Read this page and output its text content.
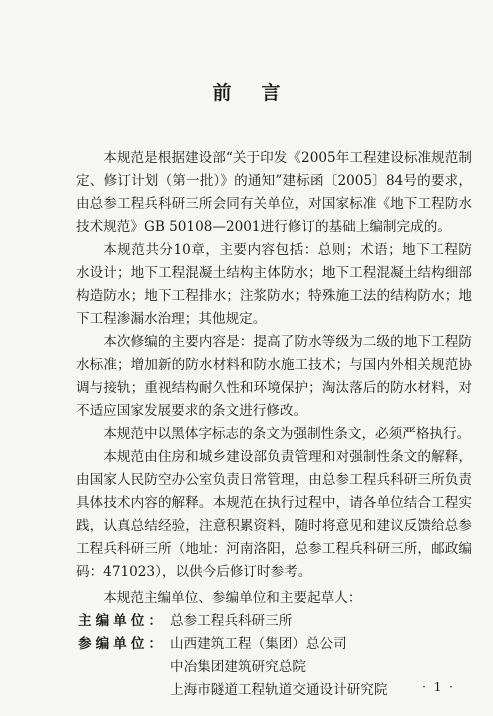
前言

本规范是根据建设部“关于印发《2005年工程建设标准规范制定、修订计划（第一批）》的通知”建标函〔2005〕84号的要求，由总参工程兵科研三所会同有关单位，对国家标准《地下工程防水技术规范》GB 50108—2001进行修订的基础上编制完成的。

本规范共分10章，主要内容包括：总则；术语；地下工程防水设计；地下工程混凝土结构主体防水；地下工程混凝土结构细部构造防水；地下工程排水；注浆防水；特殊施工法的结构防水；地下工程渗漏水治理；其他规定。

本次修编的主要内容是：提高了防水等级为二级的地下工程防水标准；增加新的防水材料和防水施工技术；与国内外相关规范协调与接轨；重视结构耐久性和环境保护；淘汰落后的防水材料，对不适应国家发展要求的条文进行修改。

本规范中以黑体字标志的条文为强制性条文，必须严格执行。

本规范由住房和城乡建设部负责管理和对强制性条文的解释，由国家人民防空办公室负责日常管理，由总参工程兵科研三所负责具体技术内容的解释。本规范在执行过程中，请各单位结合工程实践，认真总结经验，注意积累资料，随时将意见和建议反馈给总参工程兵科研三所（地址：河南洛阳，总参工程兵科研三所，邮政编码：471023），以供今后修订时参考。

本规范主编单位、参编单位和主要起草人：
主编单位： 总参工程兵科研三所
参编单位： 山西建筑工程（集团）总公司
中冶集团建筑研究总院
上海市隧道工程轨道交通设计研究院	· 1 ·
